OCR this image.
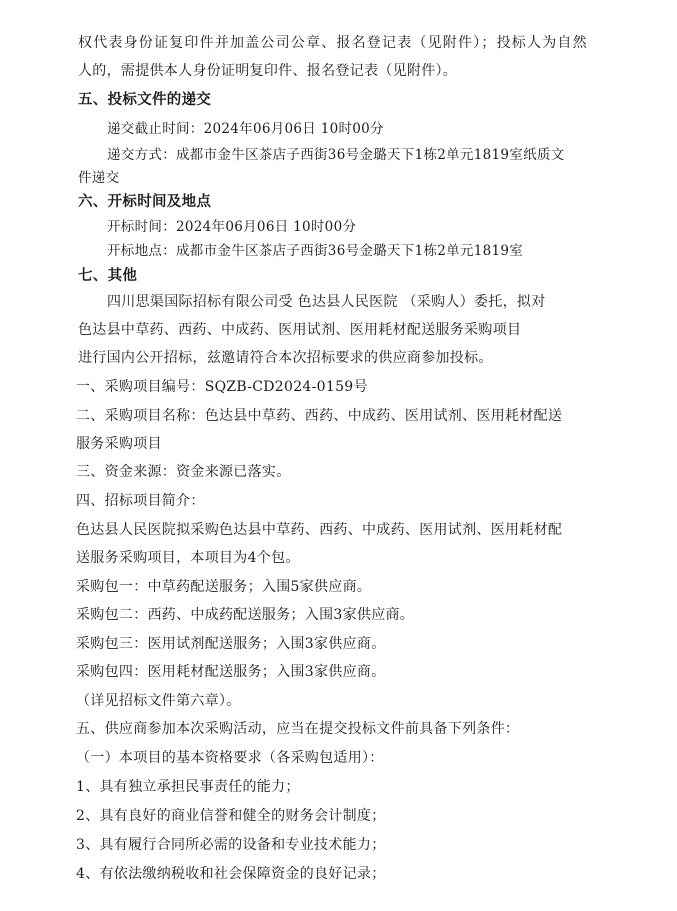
权代表身份证复印件并加盖公司公章、报名登记表（见附件）；投标人为自然
人的，需提供本人身份证明复印件、报名登记表（见附件）。
五、投标文件的递交
递交截止时间：2024年06月06日 10时00分
递交方式：成都市金牛区茶店子西街36号金璐天下1栋2单元1819室纸质文
件递交
六、开标时间及地点
开标时间：2024年06月06日 10时00分
开标地点：成都市金牛区茶店子西街36号金璐天下1栋2单元1819室
七、其他
四川思渠国际招标有限公司受 色达县人民医院 （采购人）委托，拟对
色达县中草药、西药、中成药、医用试剂、医用耗材配送服务采购项目
进行国内公开招标，兹邀请符合本次招标要求的供应商参加投标。
一、采购项目编号：SQZB-CD2024-0159号
二、采购项目名称：色达县中草药、西药、中成药、医用试剂、医用耗材配送
服务采购项目
三、资金来源：资金来源已落实。
四、招标项目简介：
色达县人民医院拟采购色达县中草药、西药、中成药、医用试剂、医用耗材配
送服务采购项目，本项目为4个包。
采购包一：中草药配送服务；入围5家供应商。
采购包二：西药、中成药配送服务；入围3家供应商。
采购包三：医用试剂配送服务；入围3家供应商。
采购包四：医用耗材配送服务；入围3家供应商。
（详见招标文件第六章）。
五、供应商参加本次采购活动，应当在提交投标文件前具备下列条件：
（一）本项目的基本资格要求（各采购包适用）：
1、具有独立承担民事责任的能力；
2、具有良好的商业信誉和健全的财务会计制度；
3、具有履行合同所必需的设备和专业技术能力；
4、有依法缴纳税收和社会保障资金的良好记录；
